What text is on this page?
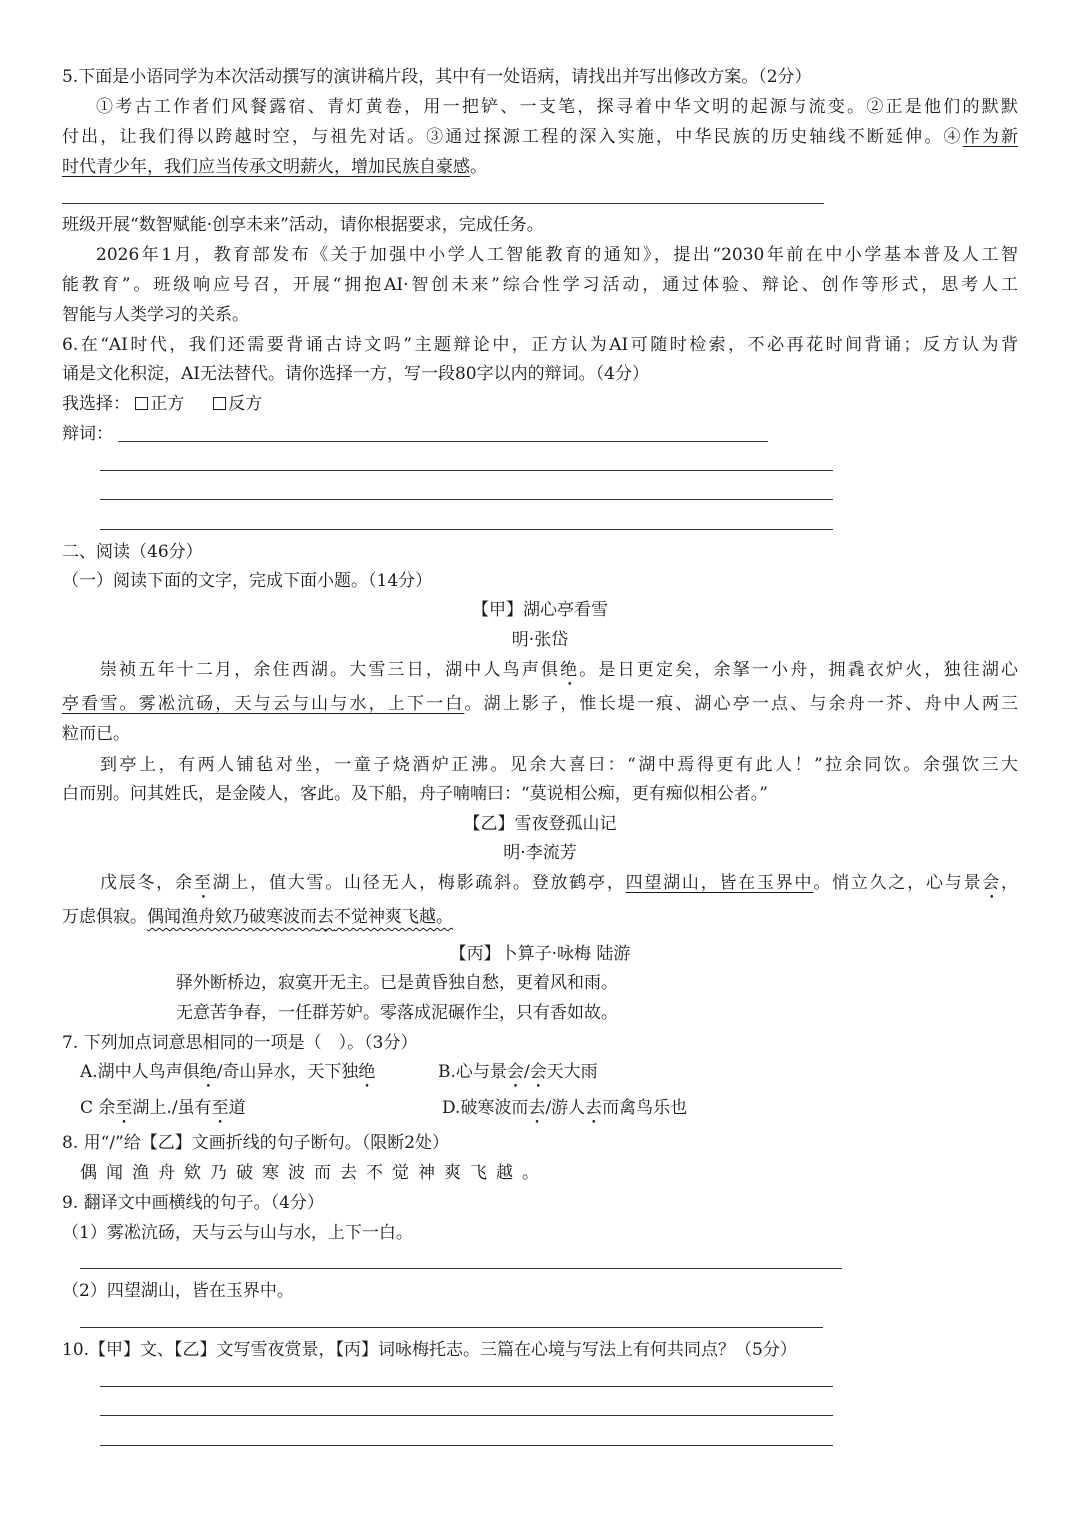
5.下面是小语同学为本次活动撰写的演讲稿片段，其中有一处语病，请找出并写出修改方案。（2分）
①考古工作者们风餐露宿、青灯黄卷，用一把铲、一支笔，探寻着中华文明的起源与流变。②正是他们的默默
付出，让我们得以跨越时空，与祖先对话。③通过探源工程的深入实施，中华民族的历史轴线不断延伸。④作为新
时代青少年，我们应当传承文明薪火，增加民族自豪感。
班级开展“数智赋能·创享未来”活动，请你根据要求，完成任务。
2026年1月，教育部发布《关于加强中小学人工智能教育的通知》，提出“2030年前在中小学基本普及人工智
能教育”。班级响应号召，开展“拥抱AI·智创未来”综合性学习活动，通过体验、辩论、创作等形式，思考人工
智能与人类学习的关系。
6.在“AI时代，我们还需要背诵古诗文吗”主题辩论中，正方认为AI可随时检索，不必再花时间背诵；反方认为背
诵是文化积淀，AI无法替代。请你选择一方，写一段80字以内的辩词。（4分）
我选择： 正方	反方
辩词：
二、阅读（46分）
（一）阅读下面的文字，完成下面小题。（14分）
【甲】湖心亭看雪
明·张岱
崇祯五年十二月，余住西湖。大雪三日，湖中人鸟声俱绝。是日更定矣，余拏一小舟，拥毳衣炉火，独往湖心
亭看雪。雾凇沆砀，天与云与山与水，上下一白。湖上影子，惟长堤一痕、湖心亭一点、与余舟一芥、舟中人两三
粒而已。
到亭上，有两人铺毡对坐，一童子烧酒炉正沸。见余大喜曰：“湖中焉得更有此人！”拉余同饮。余强饮三大
白而别。问其姓氏，是金陵人，客此。及下船，舟子喃喃曰：“莫说相公痴，更有痴似相公者。”
【乙】雪夜登孤山记
明·李流芳
戊辰冬，余至湖上，值大雪。山径无人，梅影疏斜。登放鹤亭，四望湖山，皆在玉界中。悄立久之，心与景会，
万虑俱寂。偶闻渔舟欸乃破寒波而去不觉神爽飞越。
【丙】卜算子·咏梅 陆游
驿外断桥边，寂寞开无主。已是黄昏独自愁，更着风和雨。
无意苦争春，一任群芳妒。零落成泥碾作尘，只有香如故。
7. 下列加点词意思相同的一项是（　）。（3分）
A.湖中人鸟声俱绝/奇山异水，天下独绝	B.心与景会/会天大雨
C 余至湖上./虽有至道	D.破寒波而去/游人去而禽鸟乐也
8. 用“/”给【乙】文画折线的句子断句。（限断2处）
偶闻渔舟欸乃破寒波而去不觉神爽飞越。
9. 翻译文中画横线的句子。（4分）
（1）雾凇沆砀，天与云与山与水，上下一白。
（2）四望湖山，皆在玉界中。
10.【甲】文、【乙】文写雪夜赏景，【丙】词咏梅托志。三篇在心境与写法上有何共同点？（5分）
